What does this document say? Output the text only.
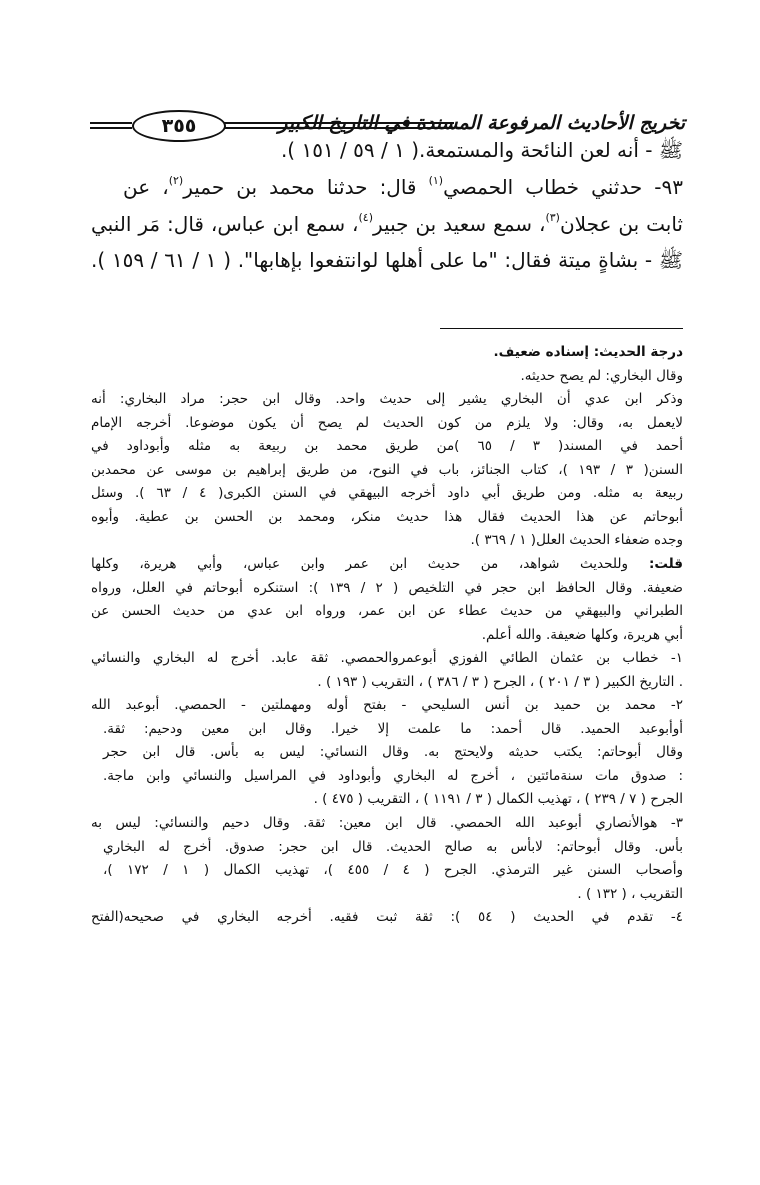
تخريج الأحاديث المرفوعة المسندة في التاريخ الكبير
٣٥٥
ﷺ - أنه لعن النائحة والمستمعة.( ١ / ٥٩ / ١٥١ ).
٩٣- حدثني خطاب الحمصي$^{(١)}$ قال: حدثنا محمد بن حمير$^{(٢)}$، عن
ثابت بن عجلان$^{(٣)}$، سمع سعيد بن جبير$^{(٤)}$، سمع ابن عباس، قال: مَر النبي
ﷺ - بشاةٍ ميتة فقال: "ما على أهلها لوانتفعوا بإهابها". ( ١ / ٦١ / ١٥٩ ).
درجة الحديث: إسناده ضعيف.
وقال البخاري: لم يصح حديثه.
وذكر ابن عدي أن البخاري يشير إلى حديث واحد. وقال ابن حجر: مراد البخاري: أنه
لايعمل به، وقال: ولا يلزم من كون الحديث لم يصح أن يكون موضوعا. أخرجه الإمام
أحمد في المسند( ٣ / ٦٥ )من طريق محمد بن ربيعة به مثله وأبوداود في
السنن( ٣ / ١٩٣ )، كتاب الجنائز، باب في النوح، من طريق إبراهيم بن موسى عن محمدبن
ربيعة به مثله. ومن طريق أبي داود أخرجه البيهقي في السنن الكبرى( ٤ / ٦٣ ). وسئل
أبوحاتم عن هذا الحديث فقال هذا حديث منكر، ومحمد بن الحسن بن عطية. وأبوه
وجده ضعفاء الحديث العلل( ١ / ٣٦٩ ).
قلت: وللحديث شواهد، من حديث ابن عمر وابن عباس، وأبي هريرة، وكلها
ضعيفة. وقال الحافظ ابن حجر في التلخيص ( ٢ / ١٣٩ ): استنكره أبوحاتم في العلل، ورواه
الطبراني والبيهقي من حديث عطاء عن ابن عمر، ورواه ابن عدي من حديث الحسن عن
أبي هريرة، وكلها ضعيفة. والله أعلم.
١- خطاب بن عثمان الطائي الفوزي أبوعمروالحمصي. ثقة عابد. أخرج له البخاري والنسائي
. التاريخ الكبير ( ٣ / ٢٠١ ) ، الجرح ( ٣ / ٣٨٦ ) ، التقريب ( ١٩٣ ) .
٢- محمد بن حميد بن أنس السليحي - بفتح أوله ومهملتين - الحمصي. أبوعبد الله
أوأبوعبد الحميد. قال أحمد: ما علمت إلا خيرا. وقال ابن معين ودحيم: ثقة.
وقال أبوحاتم: يكتب حديثه ولايحتج به. وقال النسائي: ليس به بأس. قال ابن حجر
: صدوق مات سنةمائتين ، أخرج له البخاري وأبوداود في المراسيل والنسائي وابن ماجة.
الجرح ( ٧ / ٢٣٩ ) ، تهذيب الكمال ( ٣ / ١١٩١ ) ، التقريب ( ٤٧٥ ) .
٣- هوالأنصاري أبوعبد الله الحمصي. قال ابن معين: ثقة. وقال دحيم والنسائي: ليس به
بأس. وقال أبوحاتم: لابأس به صالح الحديث. قال ابن حجر: صدوق. أخرج له البخاري
وأصحاب السنن غير الترمذي. الجرح ( ٤ / ٤٥٥ )، تهذيب الكمال ( ١ / ١٧٢ )،
التقريب ، ( ١٣٢ ) .
٤- تقدم في الحديث ( ٥٤ ): ثقة ثبت فقيه. أخرجه البخاري في صحيحه(الفتح
